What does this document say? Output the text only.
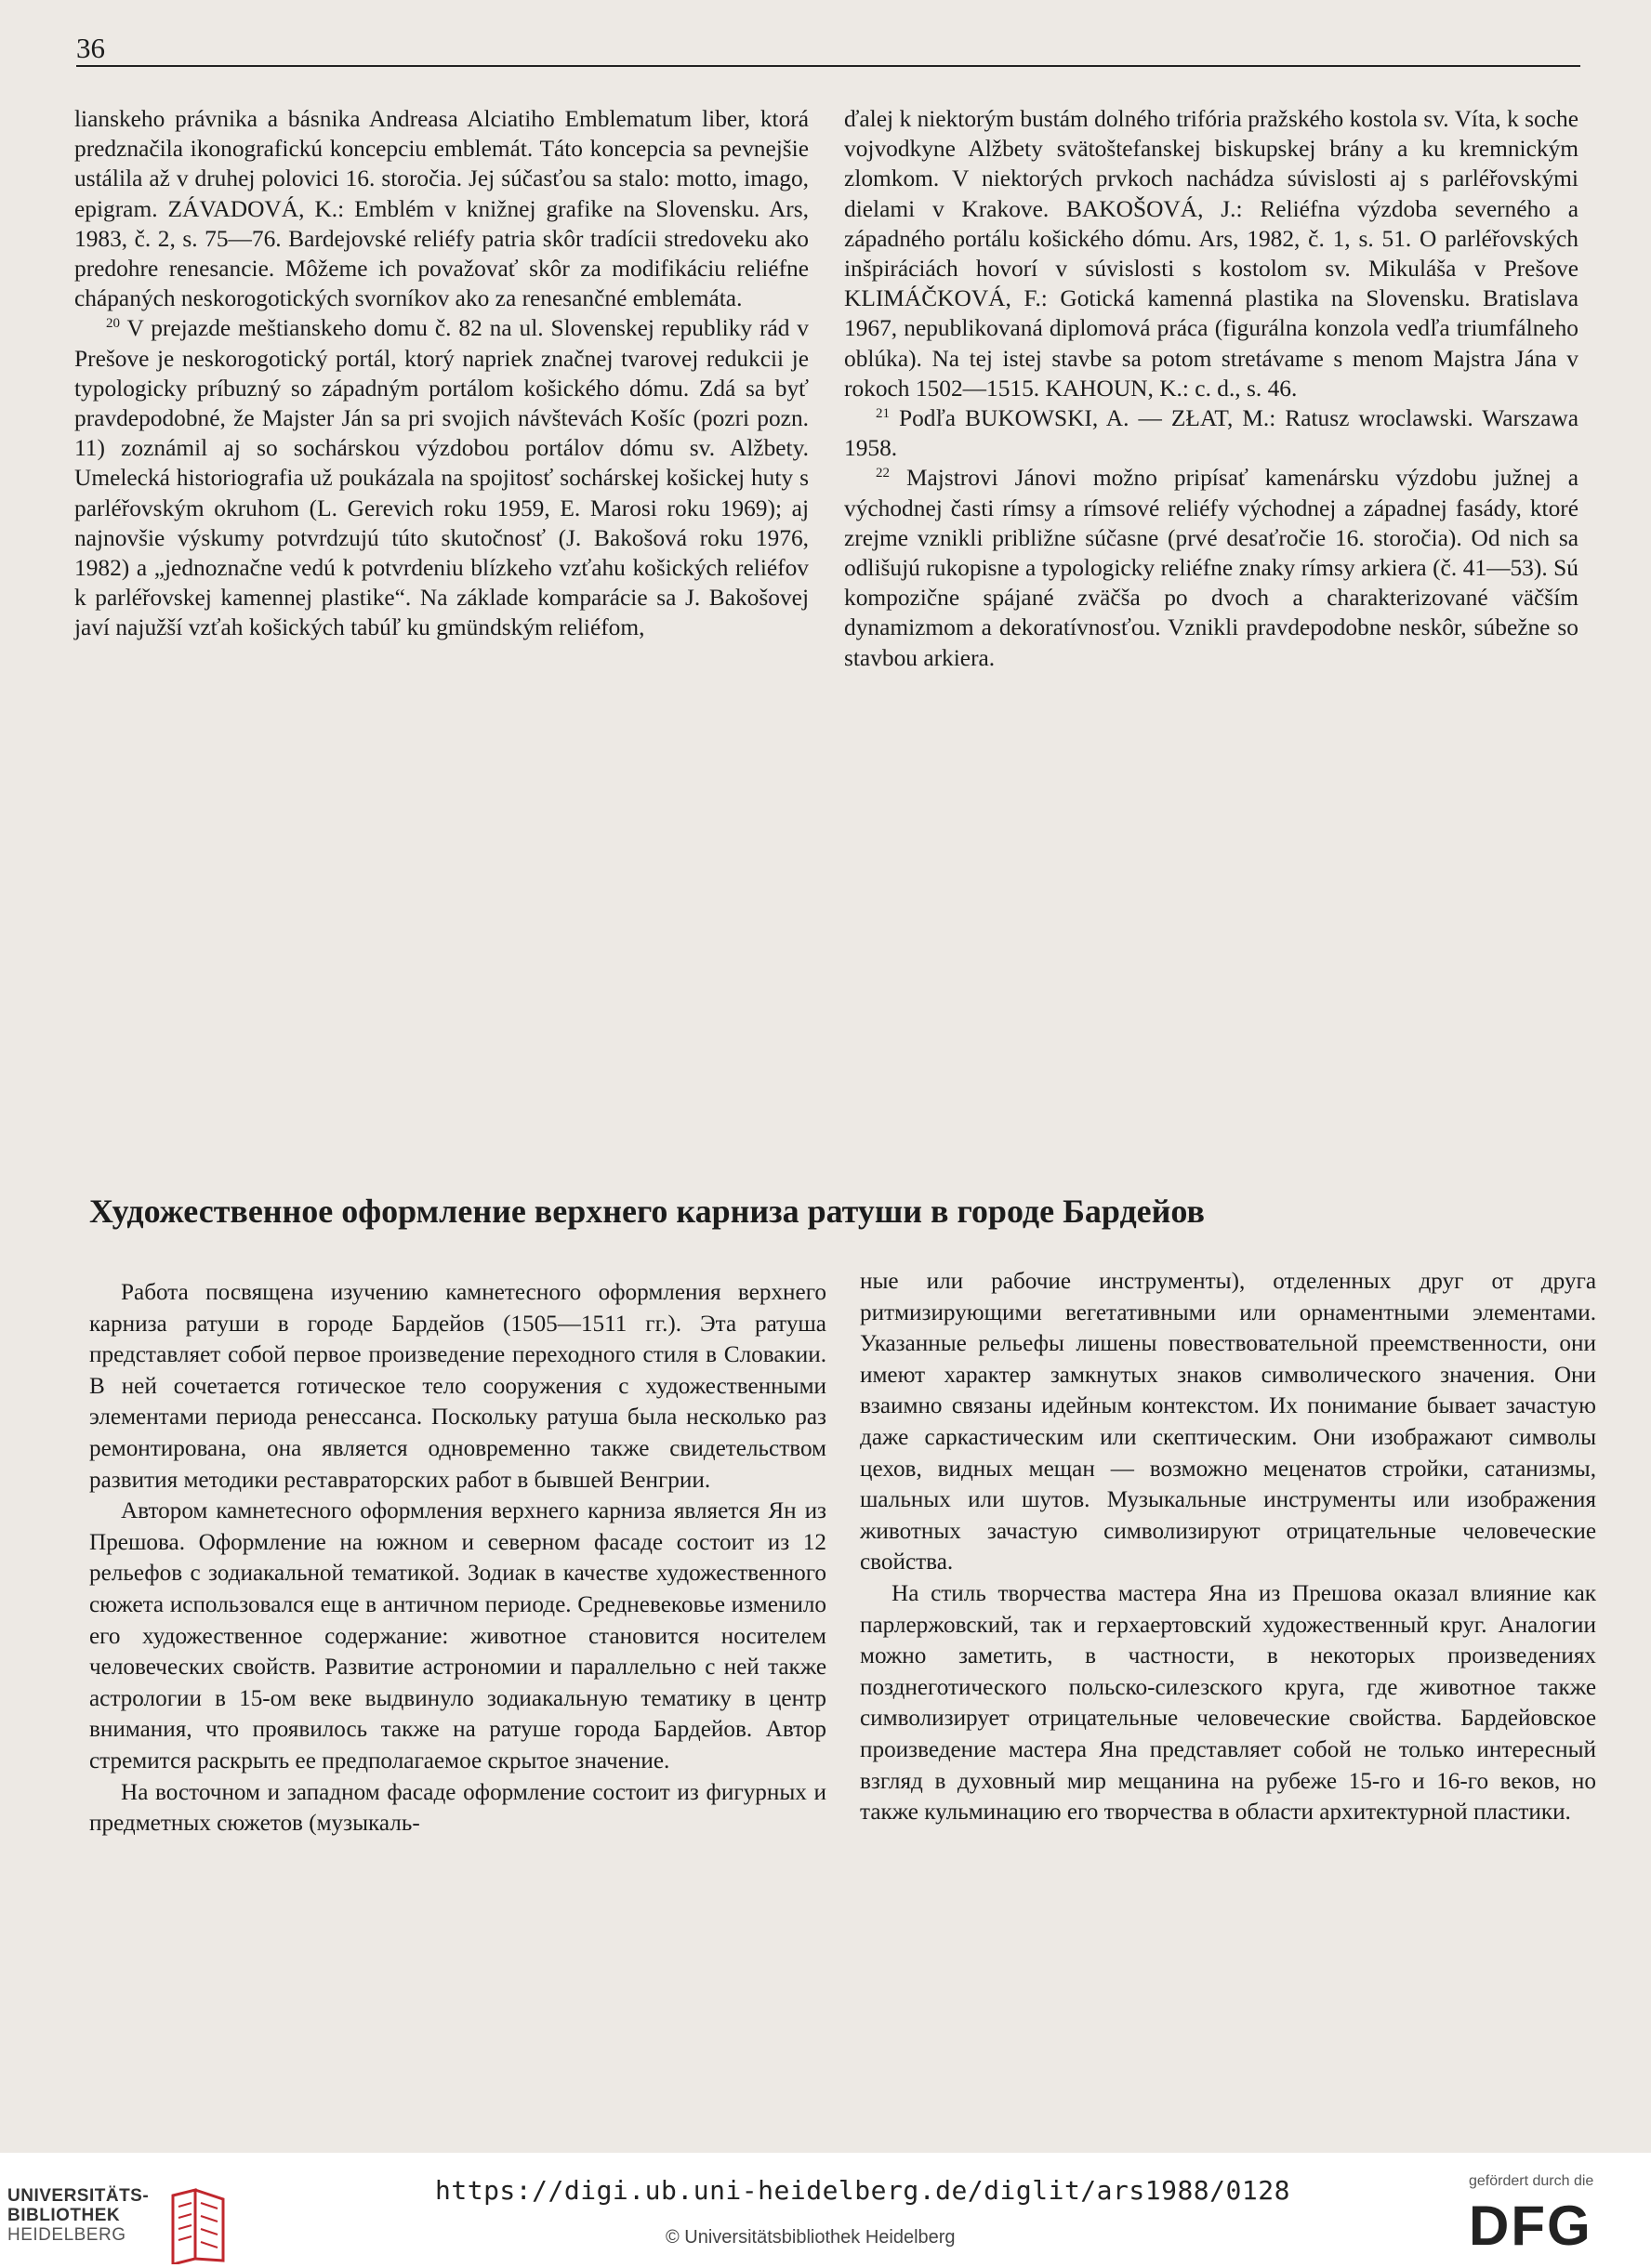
36

lianskeho právnika a básnika Andreasa Alciatiho Emblematum liber, ktorá predznačila ikonografickú koncepciu emblemát. Táto koncepcia sa pevnejšie ustálila až v druhej polovici 16. storočia. Jej súčasťou sa stalo: motto, imago, epigram. ZÁVADOVÁ, K.: Emblém v knižnej grafike na Slovensku. Ars, 1983, č. 2, s. 75—76. Bardejovské reliéfy patria skôr tradícii stredoveku ako predohre renesancie. Môžeme ich považovať skôr za modifikáciu reliéfne chápaných neskorogotických svorníkov ako za renesančné emblemáta.

$^{20}$ V prejazde meštianskeho domu č. 82 na ul. Slovenskej republiky rád v Prešove je neskorogotický portál, ktorý napriek značnej tvarovej redukcii je typologicky príbuzný so západným portálom košického dómu. Zdá sa byť pravdepodobné, že Majster Ján sa pri svojich návštevách Košíc (pozri pozn. 11) zoznámil aj so sochárskou výzdobou portálov dómu sv. Alžbety. Umelecká historiografia už poukázala na spojitosť sochárskej košickej huty s parléřovským okruhom (L. Gerevich roku 1959, E. Marosi roku 1969); aj najnovšie výskumy potvrdzujú túto skutočnosť (J. Bakošová roku 1976, 1982) a „jednoznačne vedú k potvrdeniu blízkeho vzťahu košických reliéfov k parléřovskej kamennej plastike“. Na základe komparácie sa J. Bakošovej javí najužší vzťah košických tabúľ ku gmündským reliéfom,

ďalej k niektorým bustám dolného trifória pražského kostola sv. Víta, k soche vojvodkyne Alžbety svätoštefanskej biskupskej brány a ku kremnickým zlomkom. V niektorých prvkoch nachádza súvislosti aj s parléřovskými dielami v Krakove. BAKOŠOVÁ, J.: Reliéfna výzdoba severného a západného portálu košického dómu. Ars, 1982, č. 1, s. 51. O parléřovských inšpiráciách hovorí v súvislosti s kostolom sv. Mikuláša v Prešove KLIMÁČKOVÁ, F.: Gotická kamenná plastika na Slovensku. Bratislava 1967, nepublikovaná diplomová práca (figurálna konzola vedľa triumfálneho oblúka). Na tej istej stavbe sa potom stretávame s menom Majstra Jána v rokoch 1502—1515. KAHOUN, K.: c. d., s. 46.

$^{21}$ Podľa BUKOWSKI, A. — ZŁAT, M.: Ratusz wroclawski. Warszawa 1958.

$^{22}$ Majstrovi Jánovi možno pripísať kamenársku výzdobu južnej a východnej časti rímsy a rímsové reliéfy východnej a západnej fasády, ktoré zrejme vznikli približne súčasne (prvé desaťročie 16. storočia). Od nich sa odlišujú rukopisne a typologicky reliéfne znaky rímsy arkiera (č. 41—53). Sú kompozične spájané zväčša po dvoch a charakterizované väčším dynamizmom a dekoratívnosťou. Vznikli pravdepodobne neskôr, súbežne so stavbou arkiera.

Художественное оформление верхнего карниза ратуши в городе Бардейов

Работа посвящена изучению камнетесного оформления верхнего карниза ратуши в городе Бардейов (1505—1511 гг.). Эта ратуша представляет собой первое произведение переходного стиля в Словакии. В ней сочетается готическое тело сооружения с художественными элементами периода ренессанса. Поскольку ратуша была несколько раз ремонтирована, она является одновременно также свидетельством развития методики реставраторских работ в бывшей Венгрии.

Автором камнетесного оформления верхнего карниза является Ян из Прешова. Оформление на южном и северном фасаде состоит из 12 рельефов с зодиакальной тематикой. Зодиак в качестве художественного сюжета использовался еще в античном периоде. Средневековье изменило его художественное содержание: животное становится носителем человеческих свойств. Развитие астрономии и параллельно с ней также астрологии в 15-ом веке выдвинуло зодиакальную тематику в центр внимания, что проявилось также на ратуше города Бардейов. Автор стремится раскрыть ее предполагаемое скрытое значение.

На восточном и западном фасаде оформление состоит из фигурных и предметных сюжетов (музыкаль-

ные или рабочие инструменты), отделенных друг от друга ритмизирующими вегетативными или орнаментными элементами. Указанные рельефы лишены повествовательной преемственности, они имеют характер замкнутых знаков символического значения. Они взаимно связаны идейным контекстом. Их понимание бывает зачастую даже саркастическим или скептическим. Они изображают символы цехов, видных мещан — возможно меценатов стройки, сатанизмы, шальных или шутов. Музыкальные инструменты или изображения животных зачастую символизируют отрицательные человеческие свойства.

На стиль творчества мастера Яна из Прешова оказал влияние как парлержовский, так и герхаертовский художественный круг. Аналогии можно заметить, в частности, в некоторых произведениях позднеготического польско-силезского круга, где животное также символизирует отрицательные человеческие свойства. Бардейовское произведение мастера Яна представляет собой не только интересный взгляд в духовный мир мещанина на рубеже 15-го и 16-го веков, но также кульминацию его творчества в области архитектурной пластики.

UNIVERSITÄTS-
BIBLIOTHEK
HEIDELBERG
https://digi.ub.uni-heidelberg.de/diglit/ars1988/0128
© Universitätsbibliothek Heidelberg
gefördert durch die
DFG
